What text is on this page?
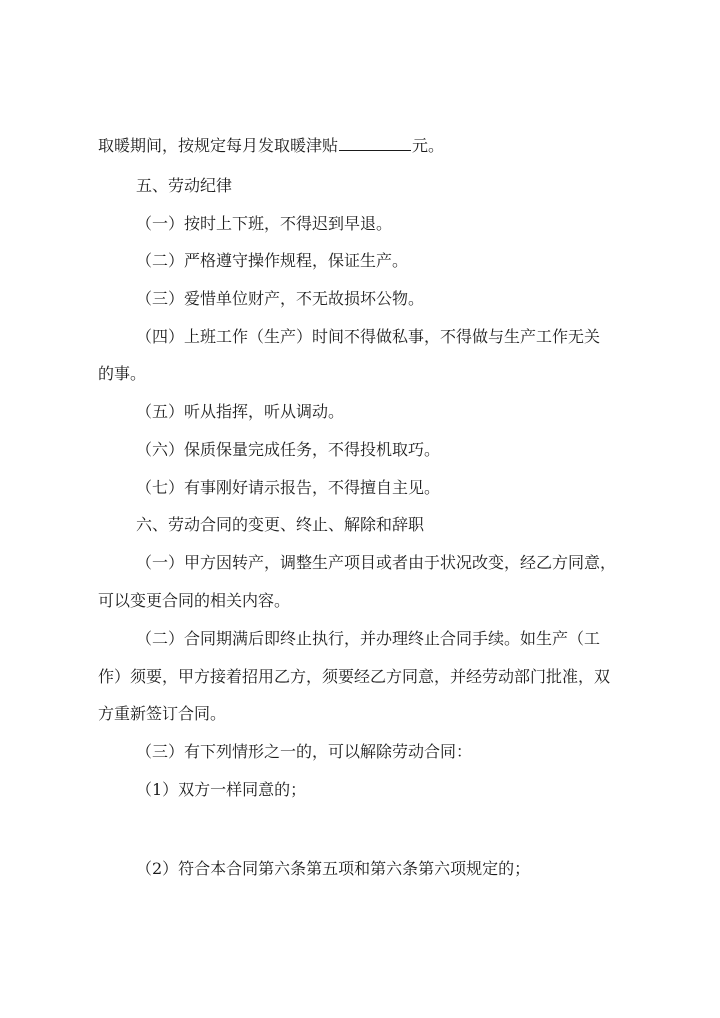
取暖期间，按规定每月发取暖津贴	元。
五、劳动纪律
（一）按时上下班，不得迟到早退。
（二）严格遵守操作规程，保证生产。
（三）爱惜单位财产，不无故损坏公物。
（四）上班工作（生产）时间不得做私事，不得做与生产工作无关
的事。
（五）听从指挥，听从调动。
（六）保质保量完成任务，不得投机取巧。
（七）有事刚好请示报告，不得擅自主见。
六、劳动合同的变更、终止、解除和辞职
（一）甲方因转产，调整生产项目或者由于状况改变，经乙方同意，
可以变更合同的相关内容。
（二）合同期满后即终止执行，并办理终止合同手续。如生产（工
作）须要，甲方接着招用乙方，须要经乙方同意，并经劳动部门批准，双
方重新签订合同。
（三）有下列情形之一的，可以解除劳动合同：
（1）双方一样同意的；
（2）符合本合同第六条第五项和第六条第六项规定的；
